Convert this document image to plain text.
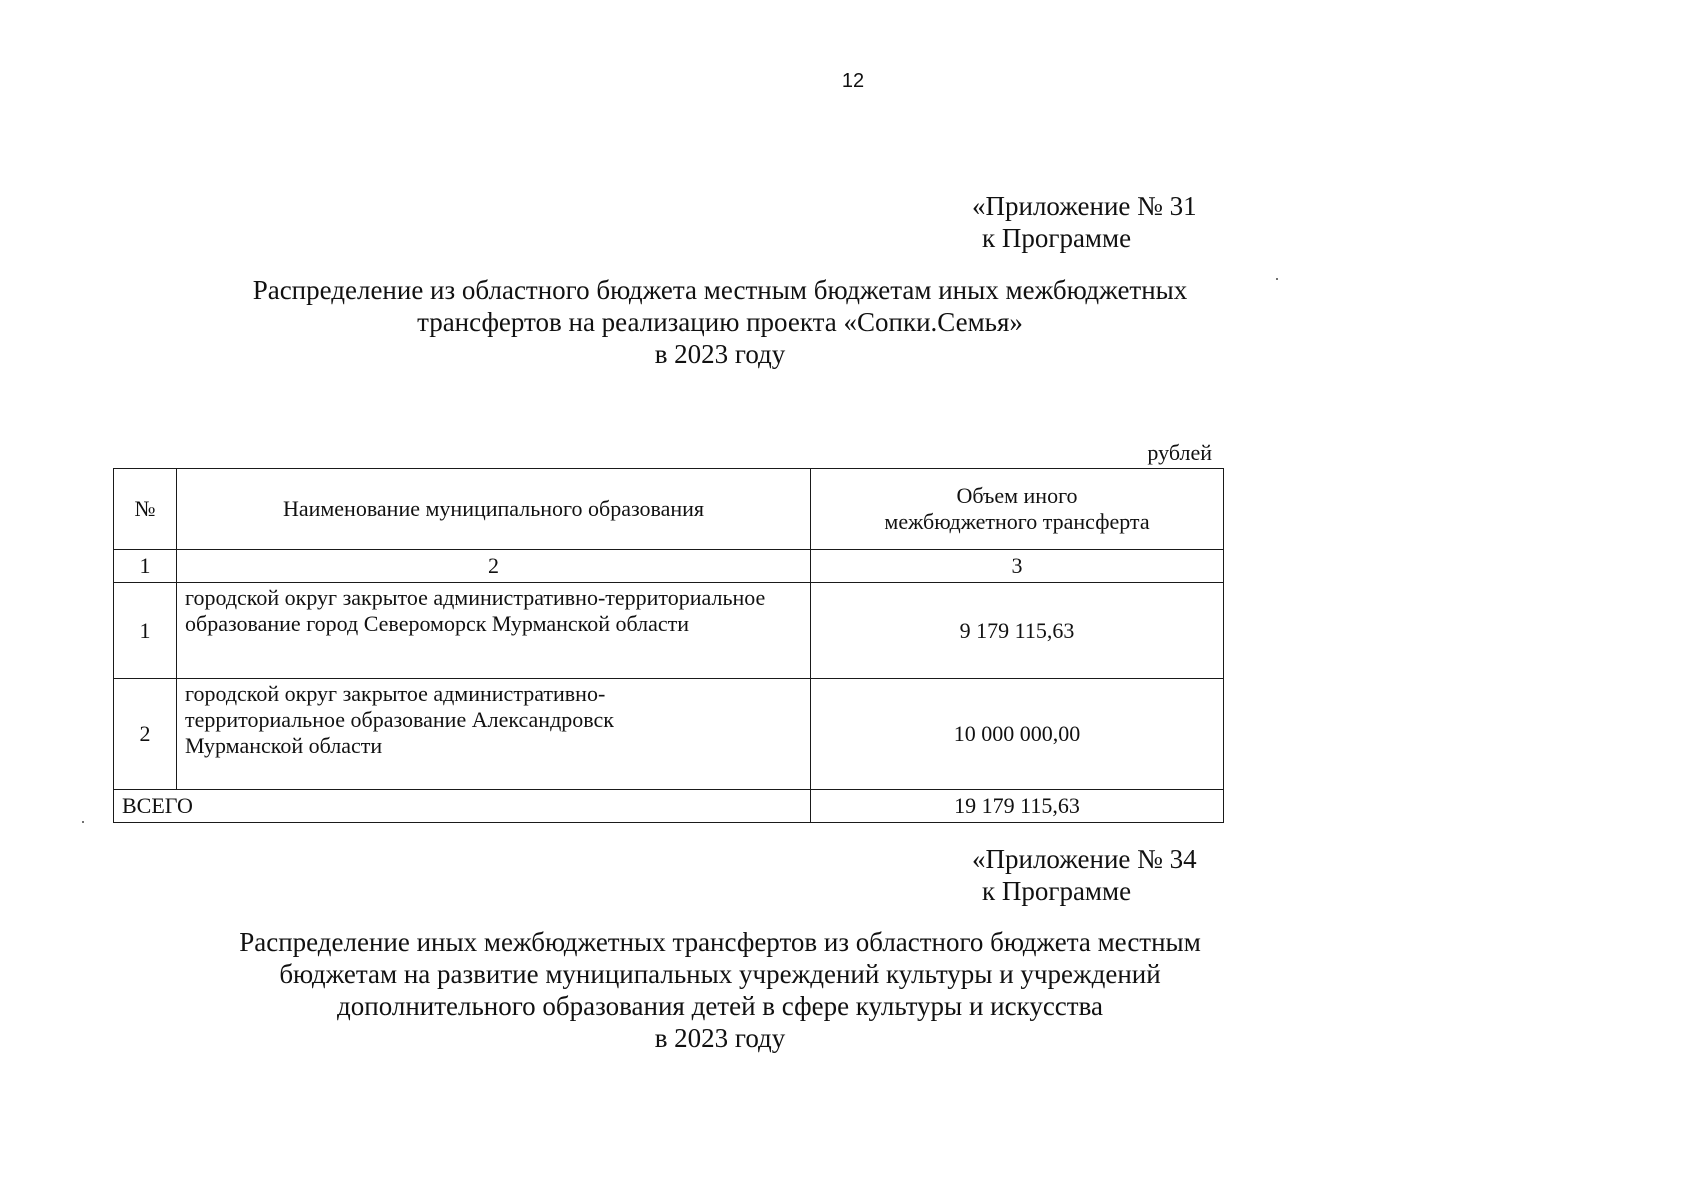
12
«Приложение № 31
к Программе
Распределение из областного бюджета местным бюджетам иных межбюджетных
трансфертов на реализацию проекта «Сопки.Семья»
в 2023 году
рублей
№	Наименование муниципального образования	Объем иного межбюджетного трансферта

1	2	3
1	городской округ закрытое административно-территориальное образование город Североморск Мурманской области	9 179 115,63
2	городской округ закрытое административно-территориальное образование Александровск Мурманской области	10 000 000,00
ВСЕГО		19 179 115,63
«Приложение № 34
к Программе
Распределение иных межбюджетных трансфертов из областного бюджета местным
бюджетам на развитие муниципальных учреждений культуры и учреждений
дополнительного образования детей в сфере культуры и искусства
в 2023 году
